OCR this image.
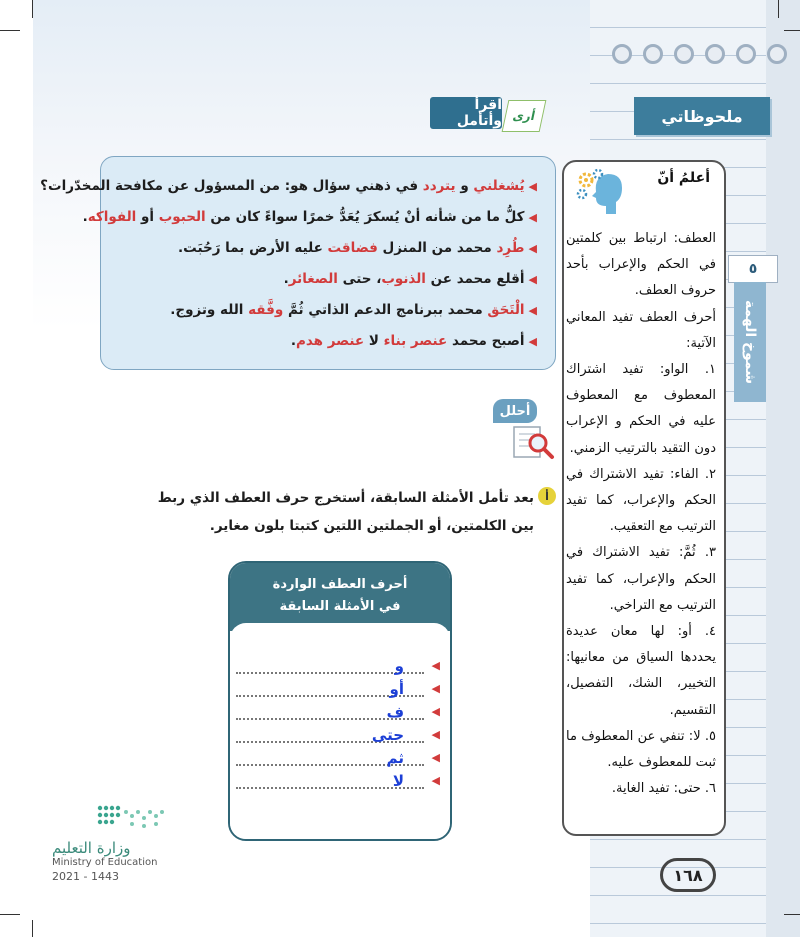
ملحوظاتي
٥
شموخ الهمة
اقرأ وأتأمل أرى
◀يُشغلني و يتردد في ذهني سؤال هو: من المسؤول عن مكافحة المخدّرات؟
◀كلُّ ما من شأنه أنْ يُسكرَ يُعَدُّ خمرًا سواءً كان من الحبوب أو الفواكه.
◀طُرِد محمد من المنزل فضاقت عليه الأرض بما رَحُبَت.
◀أقلع محمد عن الذنوب، حتى الصغائر.
◀الْتَحَق محمد ببرنامج الدعم الذاتي ثُمَّ وفَّقه الله وتزوج.
◀أصبح محمد عنصر بناء لا عنصر هدم.
أحلل
أ
بعد تأمل الأمثلة السابقة، أستخرج حرف العطف الذي ربط بين الكلمتين، أو الجملتين اللتين كتبتا بلون مغاير.
أحرف العطف الواردة
في الأمثلة السابقة
◀
و
◀
أو
◀
ف
◀
حتى
◀
ثم
◀
لا
أعلمُ أنّ

العطف: ارتباط بين كلمتين في الحكم والإعراب بأحد حروف العطف.

أحرف العطف تفيد المعاني الآتية:

١. الواو: تفيد اشتراك المعطوف مع المعطوف عليه في الحكم و الإعراب دون التقيد بالترتيب الزمني.

٢. الفاء: تفيد الاشتراك في الحكم والإعراب، كما تفيد الترتيب مع التعقيب.

٣. ثُمَّ: تفيد الاشتراك في الحكم والإعراب، كما تفيد الترتيب مع التراخي.

٤. أو: لها معان عديدة يحددها السياق من معانيها: التخيير، الشك، التفصيل، التقسيم.

٥. لا: تنفي عن المعطوف ما ثبت للمعطوف عليه.

٦. حتى: تفيد الغاية.

١٦٨
وزارة التعليم
Ministry of Education
2021 - 1443
